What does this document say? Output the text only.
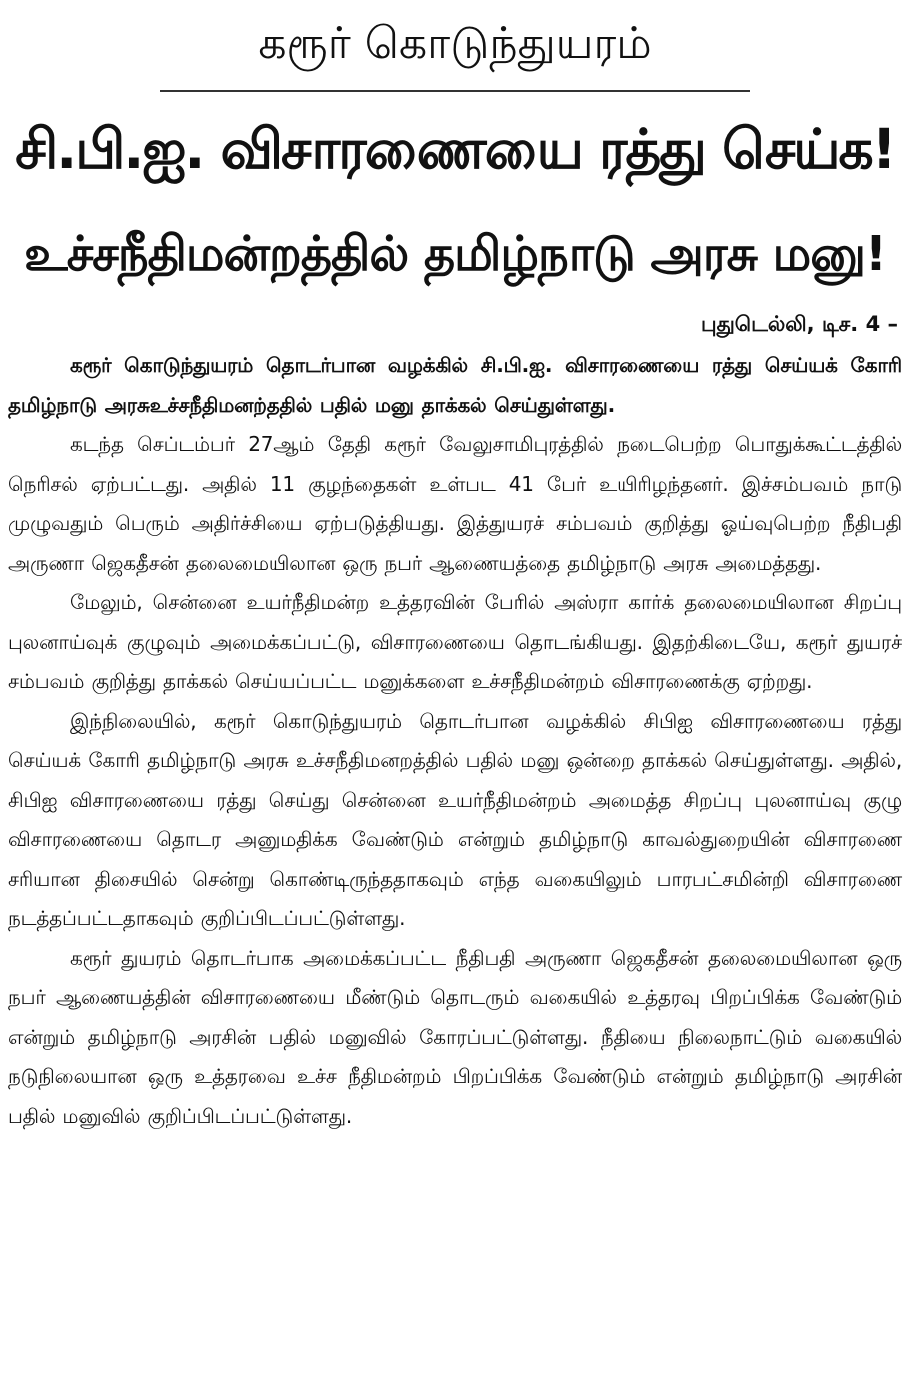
கரூர் கொடுந்துயரம்
சி.பி.ஐ. விசாரணையை ரத்து செய்க!
உச்சநீதிமன்றத்தில் தமிழ்நாடு அரசு மனு!
புதுடெல்லி, டிச. 4 –

கரூர் கொடுந்துயரம் தொடர்பான வழக்கில் சி.பி.ஐ. விசாரணையை ரத்து செய்யக் கோரி தமிழ்நாடு அரசுஉச்சநீதிமனற்ததில் பதில் மனு தாக்கல் செய்துள்ளது.

கடந்த செப்டம்பர் 27ஆம் தேதி கரூர் வேலுசாமிபுரத்தில் நடைபெற்ற பொதுக்கூட்டத்தில் நெரிசல் ஏற்பட்டது. அதில் 11 குழந்தைகள் உள்பட 41 பேர் உயிரிழந்தனர். இச்சம்பவம் நாடு முழுவதும் பெரும் அதிர்ச்சியை ஏற்படுத்தியது. இத்துயரச் சம்பவம் குறித்து ஓய்வுபெற்ற நீதிபதி அருணா ஜெகதீசன் தலைமையிலான ஒரு நபர் ஆணையத்தை தமிழ்நாடு அரசு அமைத்தது.

மேலும், சென்னை உயர்நீதிமன்ற உத்தரவின் பேரில் அஸ்ரா கார்க் தலைமையிலான சிறப்பு புலனாய்வுக் குழுவும் அமைக்கப்பட்டு, விசாரணையை தொடங்கியது. இதற்கிடையே, கரூர் துயரச் சம்பவம் குறித்து தாக்கல் செய்யப்பட்ட மனுக்களை உச்சநீதிமன்றம் விசாரணைக்கு ஏற்றது.

இந்நிலையில், கரூர் கொடுந்துயரம் தொடர்பான வழக்கில் சிபிஐ விசாரணையை ரத்து செய்யக் கோரி தமிழ்நாடு அரசு உச்சநீதிமனறத்தில் பதில் மனு ஒன்றை தாக்கல் செய்துள்ளது. அதில், சிபிஐ விசாரணையை ரத்து செய்து சென்னை உயர்நீதிமன்றம் அமைத்த சிறப்பு புலனாய்வு குழு விசாரணையை தொடர அனுமதிக்க வேண்டும் என்றும் தமிழ்நாடு காவல்துறையின் விசாரணை சரியான திசையில் சென்று கொண்டிருந்ததாகவும் எந்த வகையிலும் பாரபட்சமின்றி விசாரணை நடத்தப்பட்டதாகவும் குறிப்பிடப்பட்டுள்ளது.

கரூர் துயரம் தொடர்பாக அமைக்கப்பட்ட நீதிபதி அருணா ஜெகதீசன் தலைமையிலான ஒரு நபர் ஆணையத்தின் விசாரணையை மீண்டும் தொடரும் வகையில் உத்தரவு பிறப்பிக்க வேண்டும் என்றும் தமிழ்நாடு அரசின் பதில் மனுவில் கோரப்பட்டுள்ளது. நீதியை நிலைநாட்டும் வகையில் நடுநிலையான ஒரு உத்தரவை உச்ச நீதிமன்றம் பிறப்பிக்க வேண்டும் என்றும் தமிழ்நாடு அரசின் பதில் மனுவில் குறிப்பிடப்பட்டுள்ளது.
